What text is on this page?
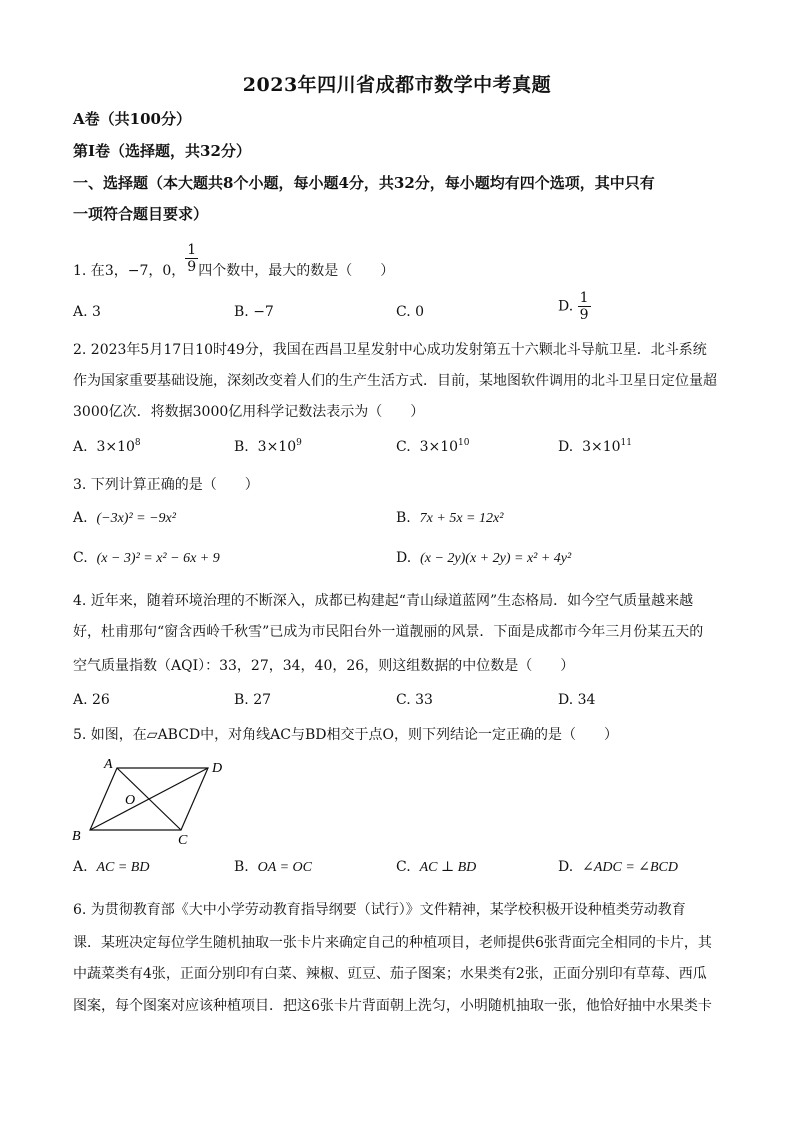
2023年四川省成都市数学中考真题
A卷（共100分）
第Ⅰ卷（选择题，共32分）
一、选择题（本大题共8个小题，每小题4分，共32分，每小题均有四个选项，其中只有
一项符合题目要求）
1. 在3，−7，0， $\frac{1}{9}$ 四个数中，最大的数是（　　）
A. 3	B. −7	C. 0	D. $\frac{1}{9}$
2. 2023年5月17日10时49分，我国在西昌卫星发射中心成功发射第五十六颗北斗导航卫星．北斗系统
作为国家重要基础设施，深刻改变着人们的生产生活方式．目前，某地图软件调用的北斗卫星日定位量超
3000亿次．将数据3000亿用科学记数法表示为（　　）
A. $3\times 10^8$	B. $3\times 10^9$	C. $3\times 10^{10}$	D. $3\times 10^{11}$
3. 下列计算正确的是（　　）
A. (−3x)² = −9x²	B. 7x + 5x = 12x²
C. (x − 3)² = x² − 6x + 9	D. (x − 2y)(x + 2y) = x² + 4y²
4. 近年来，随着环境治理的不断深入，成都已构建起“青山绿道蓝网”生态格局．如今空气质量越来越
好，杜甫那句“窗含西岭千秋雪”已成为市民阳台外一道靓丽的风景．下面是成都市今年三月份某五天的
空气质量指数（AQI）：33，27，34，40，26，则这组数据的中位数是（　　）
A. 26	B. 27	C. 33	D. 34
5. 如图，在▱ABCD中，对角线AC与BD相交于点O，则下列结论一定正确的是（　　）
A	D
B	C
O
A. AC = BD	B. OA = OC	C. AC ⊥ BD	D. ∠ADC = ∠BCD
6. 为贯彻教育部《大中小学劳动教育指导纲要（试行）》文件精神，某学校积极开设种植类劳动教育
课．某班决定每位学生随机抽取一张卡片来确定自己的种植项目，老师提供6张背面完全相同的卡片，其
中蔬菜类有4张，正面分别印有白菜、辣椒、豇豆、茄子图案；水果类有2张，正面分别印有草莓、西瓜
图案，每个图案对应该种植项目．把这6张卡片背面朝上洗匀，小明随机抽取一张，他恰好抽中水果类卡
